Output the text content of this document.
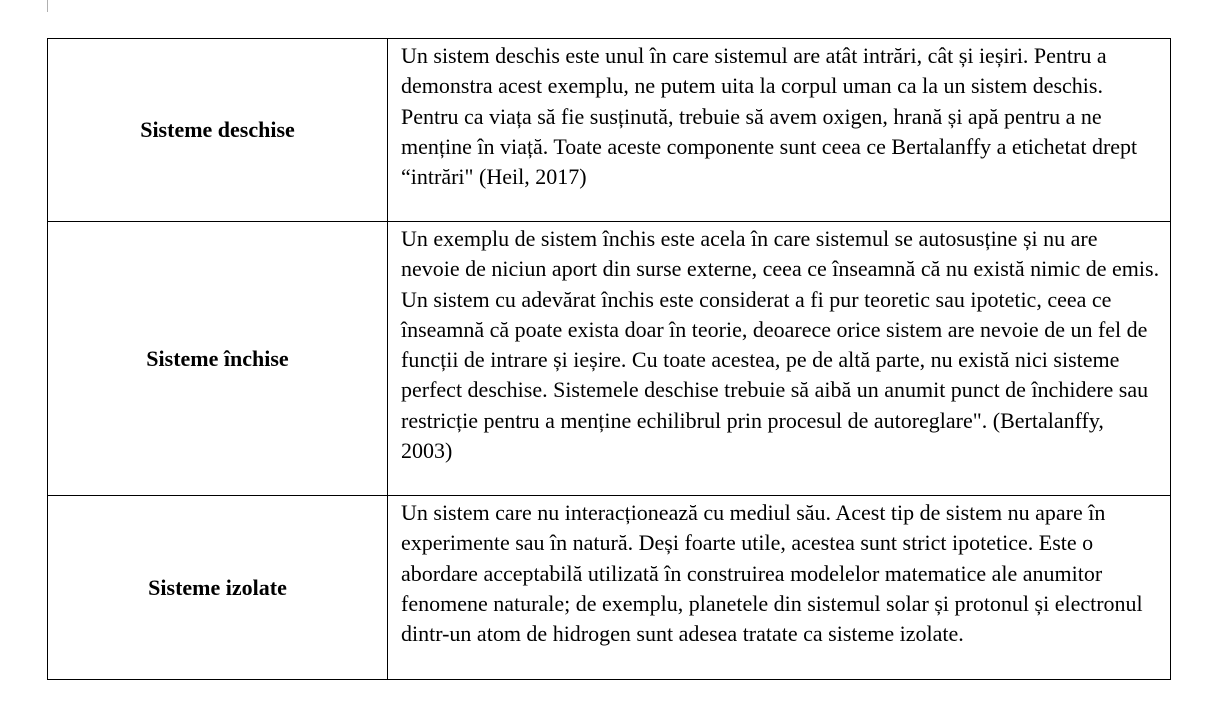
Sisteme deschise	Un sistem deschis este unul în care sistemul are atât intrări, cât și ieșiri. Pentru a demonstra acest exemplu, ne putem uita la corpul uman ca la un sistem deschis. Pentru ca viața să fie susținută, trebuie să avem oxigen, hrană și apă pentru a ne menține în viață. Toate aceste componente sunt ceea ce Bertalanffy a etichetat drept “intrări" (Heil, 2017)
Sisteme închise	Un exemplu de sistem închis este acela în care sistemul se autosusține și nu are nevoie de niciun aport din surse externe, ceea ce înseamnă că nu există nimic de emis. Un sistem cu adevărat închis este considerat a fi pur teoretic sau ipotetic, ceea ce înseamnă că poate exista doar în teorie, deoarece orice sistem are nevoie de un fel de funcții de intrare și ieșire. Cu toate acestea, pe de altă parte, nu există nici sisteme perfect deschise. Sistemele deschise trebuie să aibă un anumit punct de închidere sau restricție pentru a menține echilibrul prin procesul de autoreglare". (Bertalanffy, 2003)
Sisteme izolate	Un sistem care nu interacționează cu mediul său. Acest tip de sistem nu apare în experimente sau în natură. Deși foarte utile, acestea sunt strict ipotetice. Este o abordare acceptabilă utilizată în construirea modelelor matematice ale anumitor fenomene naturale; de exemplu, planetele din sistemul solar și protonul și electronul dintr-un atom de hidrogen sunt adesea tratate ca sisteme izolate.
